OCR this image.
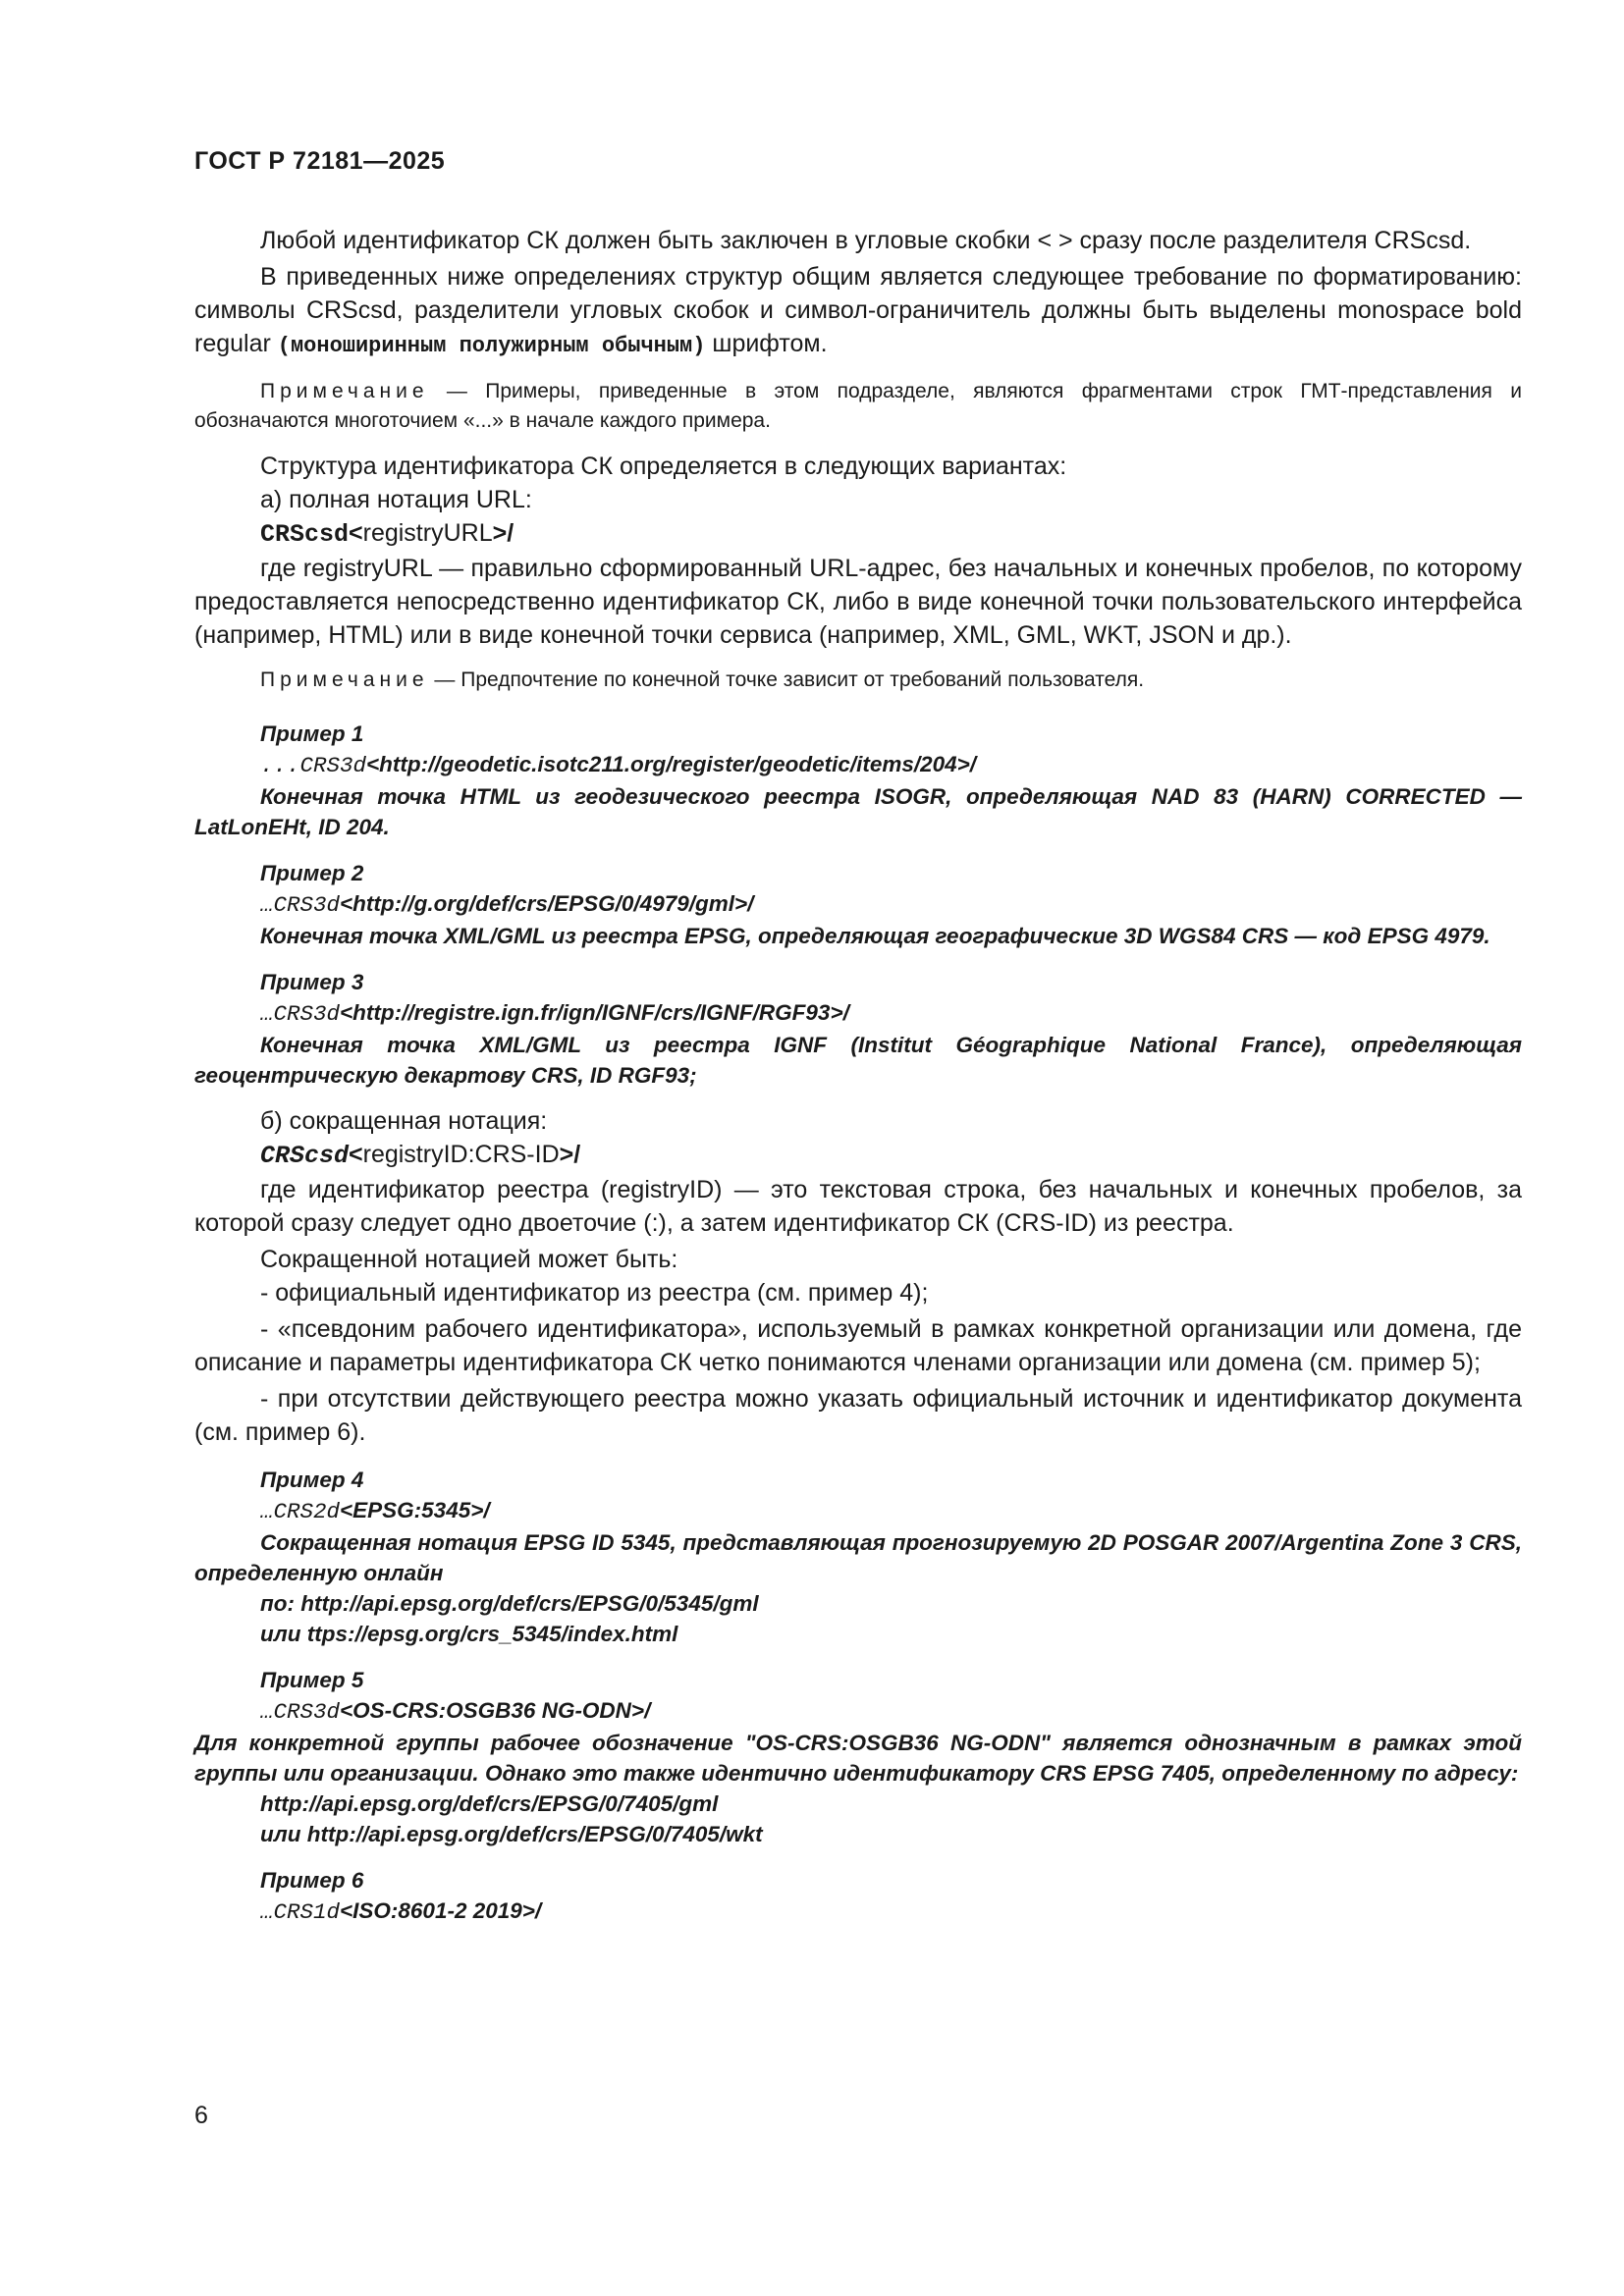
ГОСТ Р 72181—2025

Любой идентификатор СК должен быть заключен в угловые скобки < > сразу после разделителя CRScsd.

В приведенных ниже определениях структур общим является следующее требование по форматированию: символы CRScsd, разделители угловых скобок и символ-ограничитель должны быть выделены monospace bold regular (моноширинным полужирным обычным) шрифтом.

Примечание — Примеры, приведенные в этом подразделе, являются фрагментами строк ГМТ-представления и обозначаются многоточием «...» в начале каждого примера.

Структура идентификатора СК определяется в следующих вариантах:

а) полная нотация URL:

CRScsd<registryURL>/

где registryURL — правильно сформированный URL-адрес, без начальных и конечных пробелов, по которому предоставляется непосредственно идентификатор СК, либо в виде конечной точки пользовательского интерфейса (например, HTML) или в виде конечной точки сервиса (например, XML, GML, WKT, JSON и др.).

Примечание — Предпочтение по конечной точке зависит от требований пользователя.

Пример 1
...CRS3d<http://geodetic.isotc211.org/register/geodetic/items/204>/
Конечная точка HTML из геодезического реестра ISOGR, определяющая NAD 83 (HARN) CORRECTED — LatLonEHt, ID 204.
Пример 2
…CRS3d<http://g.org/def/crs/EPSG/0/4979/gml>/
Конечная точка XML/GML из реестра EPSG, определяющая географические 3D WGS84 CRS — код EPSG 4979.
Пример 3
…CRS3d<http://registre.ign.fr/ign/IGNF/crs/IGNF/RGF93>/
Конечная точка XML/GML из реестра IGNF (Institut Géographique National France), определяющая геоцентрическую декартову CRS, ID RGF93;

б) сокращенная нотация:

CRScsd<registryID:CRS-ID>/

где идентификатор реестра (registryID) — это текстовая строка, без начальных и конечных пробелов, за которой сразу следует одно двоеточие (:), а затем идентификатор СК (CRS-ID) из реестра.

Сокращенной нотацией может быть:

- официальный идентификатор из реестра (см. пример 4);

- «псевдоним рабочего идентификатора», используемый в рамках конкретной организации или домена, где описание и параметры идентификатора СК четко понимаются членами организации или домена (см. пример 5);

- при отсутствии действующего реестра можно указать официальный источник и идентификатор документа (см. пример 6).

Пример 4
…CRS2d<EPSG:5345>/
Сокращенная нотация EPSG ID 5345, представляющая прогнозируемую 2D POSGAR 2007/Argentina Zone 3 CRS, определенную онлайн
по: http://api.epsg.org/def/crs/EPSG/0/5345/gml
или ttps://epsg.org/crs_5345/index.html
Пример 5
…CRS3d<OS-CRS:OSGB36 NG-ODN>/
Для конкретной группы рабочее обозначение "OS-CRS:OSGB36 NG-ODN" является однозначным в рамках этой группы или организации. Однако это также идентично идентификатору CRS EPSG 7405, определенному по адресу:
http://api.epsg.org/def/crs/EPSG/0/7405/gml
или http://api.epsg.org/def/crs/EPSG/0/7405/wkt
Пример 6
…CRS1d<ISO:8601-2 2019>/
6
